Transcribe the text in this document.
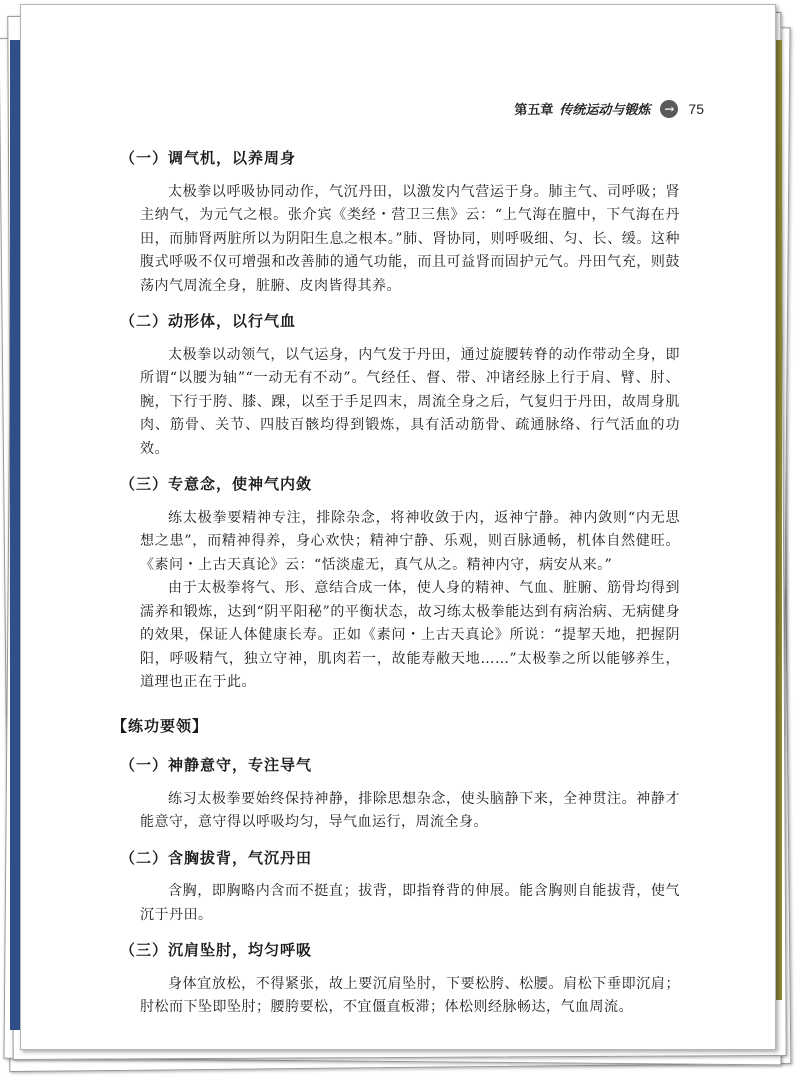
第五章 传统运动与锻炼	→ 75
（一）调气机，以养周身

太极拳以呼吸协同动作，气沉丹田，以激发内气营运于身。肺主气、司呼吸；肾主纳气，为元气之根。张介宾《类经・营卫三焦》云：“上气海在膻中，下气海在丹田，而肺肾两脏所以为阴阳生息之根本。”肺、肾协同，则呼吸细、匀、长、缓。这种腹式呼吸不仅可增强和改善肺的通气功能，而且可益肾而固护元气。丹田气充，则鼓荡内气周流全身，脏腑、皮肉皆得其养。

（二）动形体，以行气血

太极拳以动领气，以气运身，内气发于丹田，通过旋腰转脊的动作带动全身，即所谓“以腰为轴”“一动无有不动”。气经任、督、带、冲诸经脉上行于肩、臂、肘、腕，下行于胯、膝、踝，以至于手足四末，周流全身之后，气复归于丹田，故周身肌肉、筋骨、关节、四肢百骸均得到锻炼，具有活动筋骨、疏通脉络、行气活血的功效。

（三）专意念，使神气内敛

练太极拳要精神专注，排除杂念，将神收敛于内，返神宁静。神内敛则“内无思想之患”，而精神得养，身心欢快；精神宁静、乐观，则百脉通畅，机体自然健旺。《素问・上古天真论》云：“恬淡虚无，真气从之。精神内守，病安从来。”

由于太极拳将气、形、意结合成一体，使人身的精神、气血、脏腑、筋骨均得到濡养和锻炼，达到“阴平阳秘”的平衡状态，故习练太极拳能达到有病治病、无病健身的效果，保证人体健康长寿。正如《素问・上古天真论》所说：“提挈天地，把握阴阳，呼吸精气，独立守神，肌肉若一，故能寿敝天地……”太极拳之所以能够养生，道理也正在于此。

【练功要领】
（一）神静意守，专注导气

练习太极拳要始终保持神静，排除思想杂念，使头脑静下来，全神贯注。神静才能意守，意守得以呼吸均匀，导气血运行，周流全身。

（二）含胸拔背，气沉丹田

含胸，即胸略内含而不挺直；拔背，即指脊背的伸展。能含胸则自能拔背，使气沉于丹田。

（三）沉肩坠肘，均匀呼吸

身体宜放松，不得紧张，故上要沉肩坠肘，下要松胯、松腰。肩松下垂即沉肩；肘松而下坠即坠肘；腰胯要松，不宜僵直板滞；体松则经脉畅达，气血周流。
